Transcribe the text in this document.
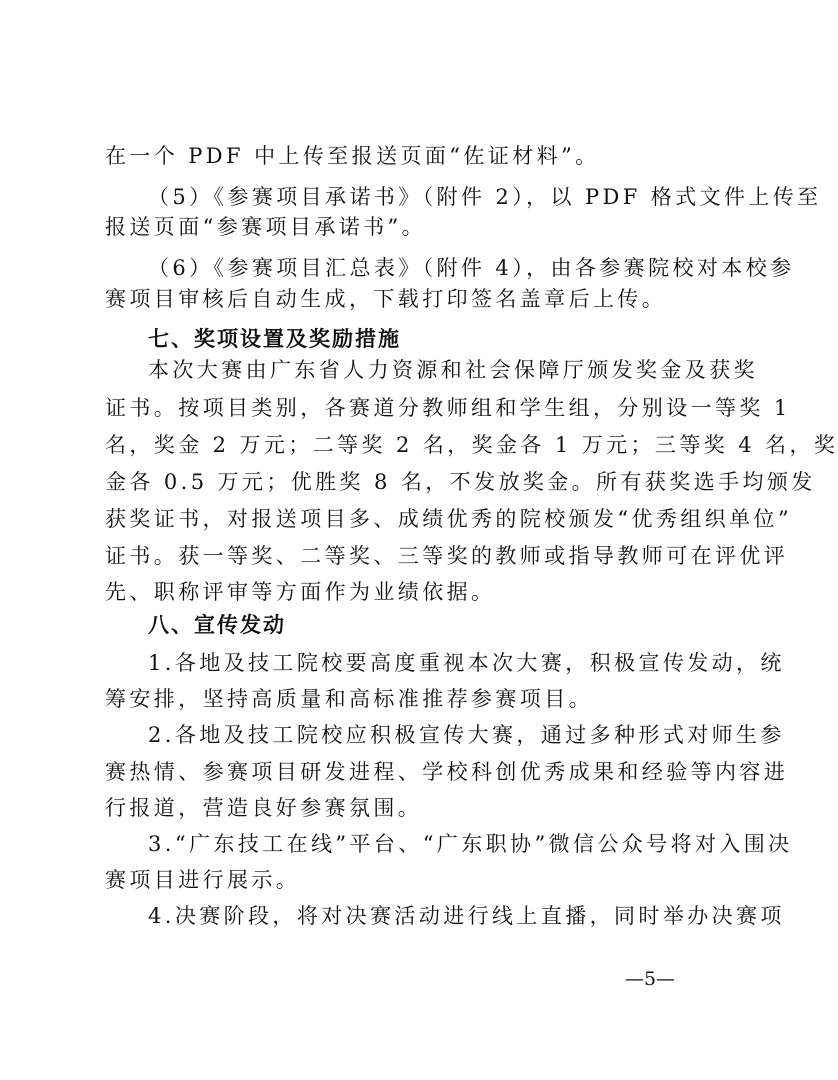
在一个 PDF 中上传至报送页面“佐证材料”。
（5）《参赛项目承诺书》（附件 2），以 PDF 格式文件上传至
报送页面“参赛项目承诺书”。
（6）《参赛项目汇总表》（附件 4），由各参赛院校对本校参
赛项目审核后自动生成，下载打印签名盖章后上传。
七、奖项设置及奖励措施
本次大赛由广东省人力资源和社会保障厅颁发奖金及获奖
证书。按项目类别，各赛道分教师组和学生组，分别设一等奖 1
名，奖金 2 万元；二等奖 2 名，奖金各 1 万元；三等奖 4 名，奖
金各 0.5 万元；优胜奖 8 名，不发放奖金。所有获奖选手均颁发
获奖证书，对报送项目多、成绩优秀的院校颁发“优秀组织单位”
证书。获一等奖、二等奖、三等奖的教师或指导教师可在评优评
先、职称评审等方面作为业绩依据。
八、宣传发动
1.各地及技工院校要高度重视本次大赛，积极宣传发动，统
筹安排，坚持高质量和高标准推荐参赛项目。
2.各地及技工院校应积极宣传大赛，通过多种形式对师生参
赛热情、参赛项目研发进程、学校科创优秀成果和经验等内容进
行报道，营造良好参赛氛围。
3.“广东技工在线”平台、“广东职协”微信公众号将对入围决
赛项目进行展示。
4.决赛阶段，将对决赛活动进行线上直播，同时举办决赛项
—5—
